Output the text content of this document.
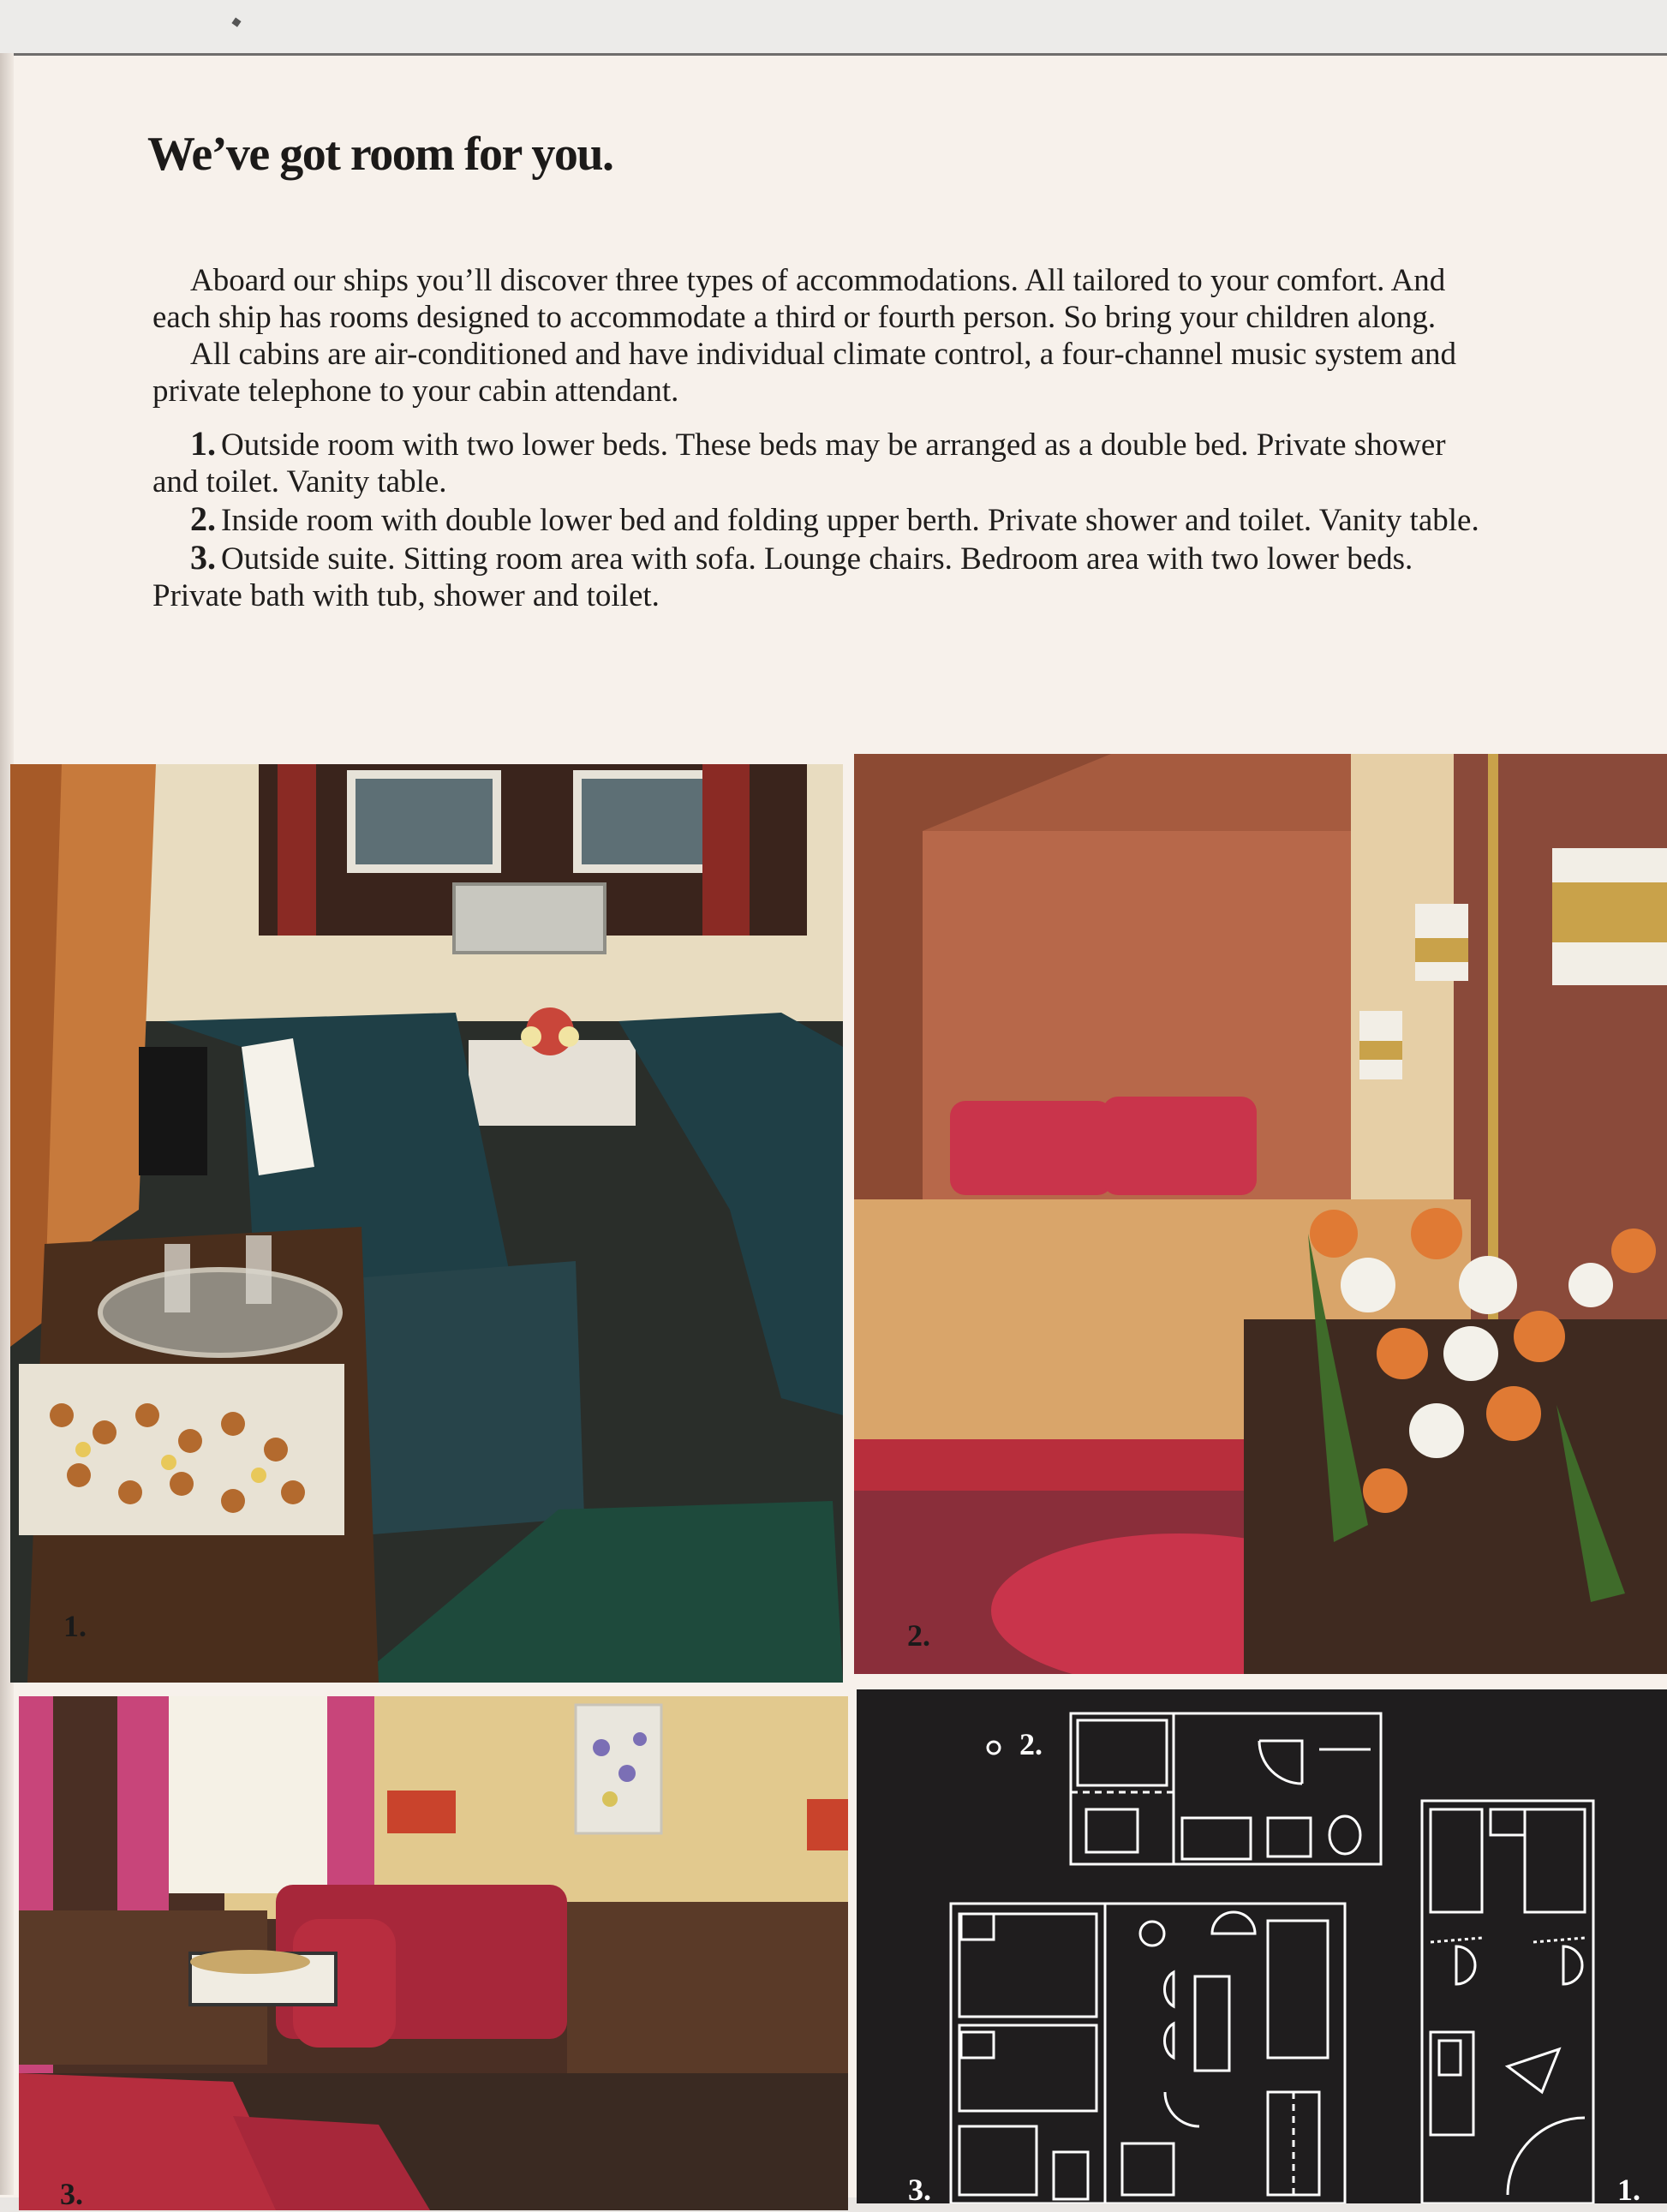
We’ve got room for you.

Aboard our ships you’ll discover three types of accommodations. All tailored to your comfort. And each ship has rooms designed to accommodate a third or fourth person. So bring your children along.

All cabins are air-conditioned and have individual climate control, a four-channel music system and private telephone to your cabin attendant.

1. Outside room with two lower beds. These beds may be arranged as a double bed. Private shower and toilet. Vanity table.

2. Inside room with double lower bed and folding upper berth. Private shower and toilet. Vanity table.

3. Outside suite. Sitting room area with sofa. Lounge chairs. Bedroom area with two lower beds. Private bath with tub, shower and toilet.

1.	2.
2.
3.	1.
3.
